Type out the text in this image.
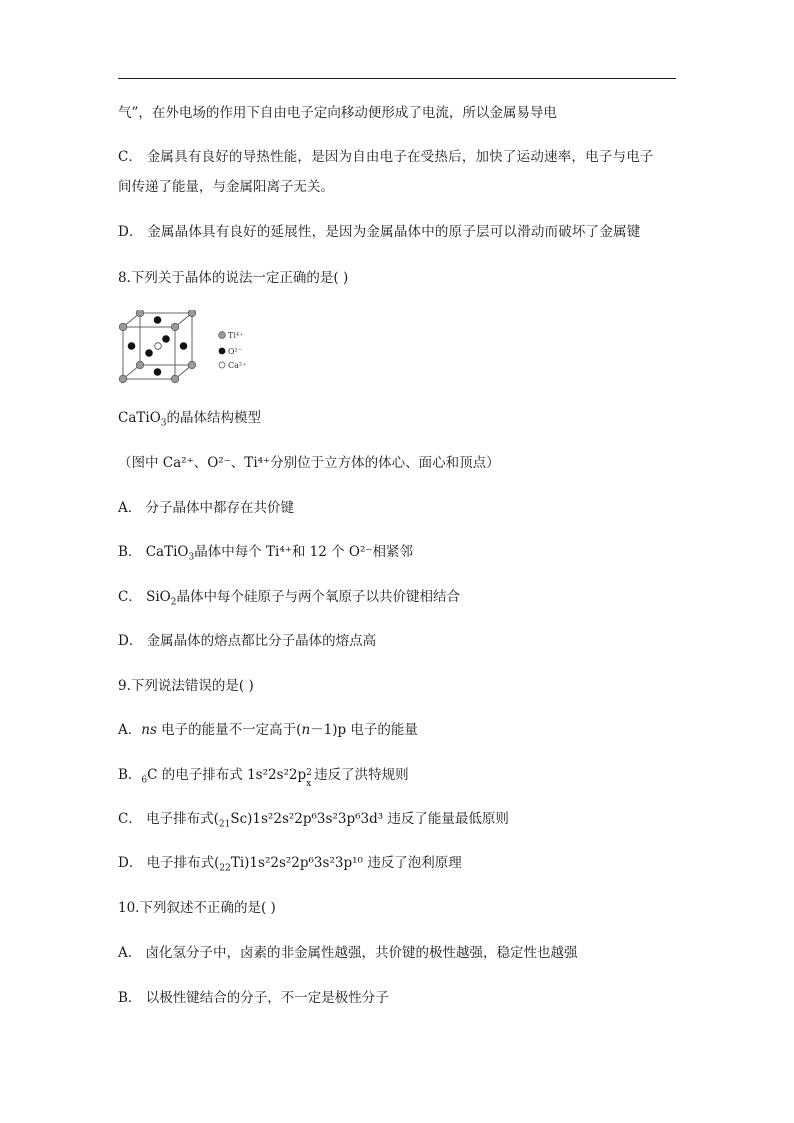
气”，在外电场的作用下自由电子定向移动便形成了电流，所以金属易导电
C． 金属具有良好的导热性能，是因为自由电子在受热后，加快了运动速率，电子与电子
间传递了能量，与金属阳离子无关。
D． 金属晶体具有良好的延展性，是因为金属晶体中的原子层可以滑动而破坏了金属键
8.下列关于晶体的说法一定正确的是( )
Ti⁴⁺
O²⁻
Ca²⁺
CaTiO$_3$的晶体结构模型
（图中 Ca²⁺、O²⁻、Ti⁴⁺分别位于立方体的体心、面心和顶点）
A． 分子晶体中都存在共价键
B． CaTiO$_3$晶体中每个 Ti⁴⁺和 12 个 O²⁻相紧邻
C． SiO$_2$晶体中每个硅原子与两个氧原子以共价键相结合
D． 金属晶体的熔点都比分子晶体的熔点高
9.下列说法错误的是( )
A．ns 电子的能量不一定高于(n－1)p 电子的能量
B．$_6$C 的电子排布式 1s²2s²2p 2
x
违反了洪特规则
C． 电子排布式$(_{21}Sc)1s^22s^22p^63s^23p^63d^3$ 违反了能量最低原则
D． 电子排布式$(_{22}Ti)1s^22s^22p^63s^23p^{10}$ 违反了泡利原理
10.下列叙述不正确的是( )
A． 卤化氢分子中，卤素的非金属性越强，共价键的极性越强，稳定性也越强
B． 以极性键结合的分子，不一定是极性分子
